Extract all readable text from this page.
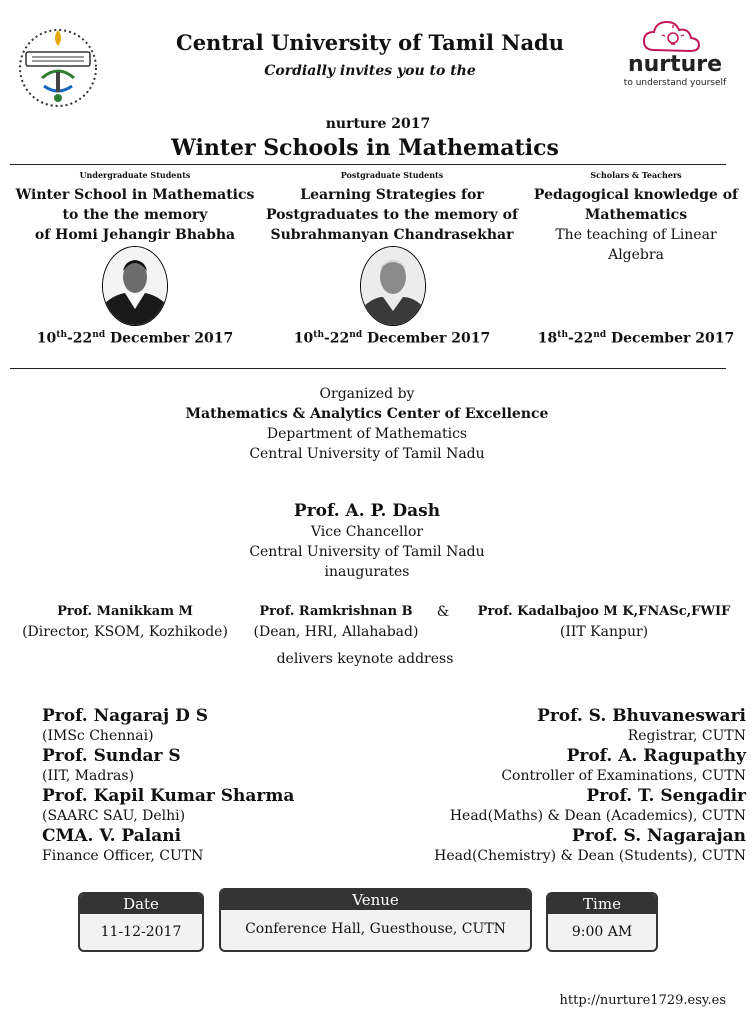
Central University of Tamil Nadu
Cordially invites you to the	nurture
to understand yourself
nurture 2017
Winter Schools in Mathematics
Undergraduate Students
Winter School in Mathematics
to the the memory
of Homi Jehangir Bhabha
10th-22nd December 2017
Postgraduate Students
Learning Strategies for
Postgraduates to the memory of
Subrahmanyan Chandrasekhar
10th-22nd December 2017
Scholars & Teachers
Pedagogical knowledge of
Mathematics
The teaching of Linear Algebra
18th-22nd December 2017
Organized by
Mathematics & Analytics Center of Excellence
Department of Mathematics
Central University of Tamil Nadu
Prof. A. P. Dash
Vice Chancellor
Central University of Tamil Nadu
inaugurates
Prof. Manikkam M
(Director, KSOM, Kozhikode)
Prof. Ramkrishnan B
(Dean, HRI, Allahabad)
&	Prof. Kadalbajoo M K,FNASc,FWIF
(IIT Kanpur)
delivers keynote address
Prof. Nagaraj D S
(IMSc Chennai)
Prof. Sundar S
(IIT, Madras)
Prof. Kapil Kumar Sharma
(SAARC SAU, Delhi)
CMA. V. Palani
Finance Officer, CUTN
Prof. S. Bhuvaneswari
Registrar, CUTN
Prof. A. Ragupathy
Controller of Examinations, CUTN
Prof. T. Sengadir
Head(Maths) & Dean (Academics), CUTN
Prof. S. Nagarajan
Head(Chemistry) & Dean (Students), CUTN
Date
11-12-2017
Venue
Conference Hall, Guesthouse, CUTN
Time
9:00 AM
http://nurture1729.esy.es
